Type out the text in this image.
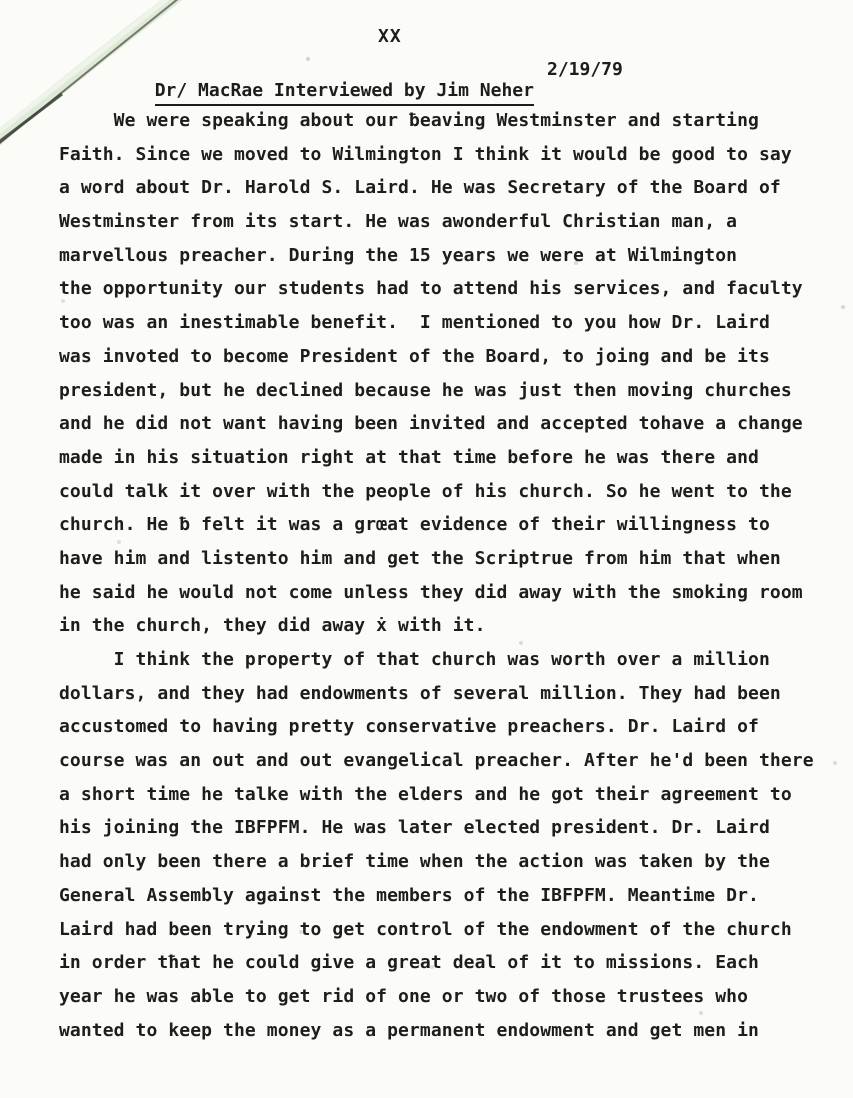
XX

Dr/ MacRae Interviewed by Jim Neher

2/19/79
We were speaking about our ƀeaving Westminster and starting
Faith. Since we moved to Wilmington I think it would be good to say
a word about Dr. Harold S. Laird. He was Secretary of the Board of
Westminster from its start. He was awonderful Christian man, a
marvellous preacher. During the 15 years we were at Wilmington
the opportunity our students had to attend his services, and faculty
too was an inestimable benefit.  I mentioned to you how Dr. Laird
was invoted to become President of the Board, to joing and be its
president, but he declined because he was just then moving churches
and he did not want having been invited and accepted tohave a change
made in his situation right at that time before he was there and
could talk it over with the people of his church. So he went to the
church. He ƀ felt it was a grœat evidence of their willingness to
have him and listento him and get the Scriptrue from him that when
he said he would not come unless they did away with the smoking room
in the church, they did away ẋ with it.
I think the property of that church was worth over a million
dollars, and they had endowments of several million. They had been
accustomed to having pretty conservative preachers. Dr. Laird of
course was an out and out evangelical preacher. After he'd been there
a short time he talke with the elders and he got their agreement to
his joining the IBFPFM. He was later elected president. Dr. Laird
had only been there a brief time when the action was taken by the
General Assembly against the members of the IBFPFM. Meantime Dr.
Laird had been trying to get control of the endowment of the church
in order tħat he could give a great deal of it to missions. Each
year he was able to get rid of one or two of those trustees who
wanted to keep the money as a permanent endowment and get men in
